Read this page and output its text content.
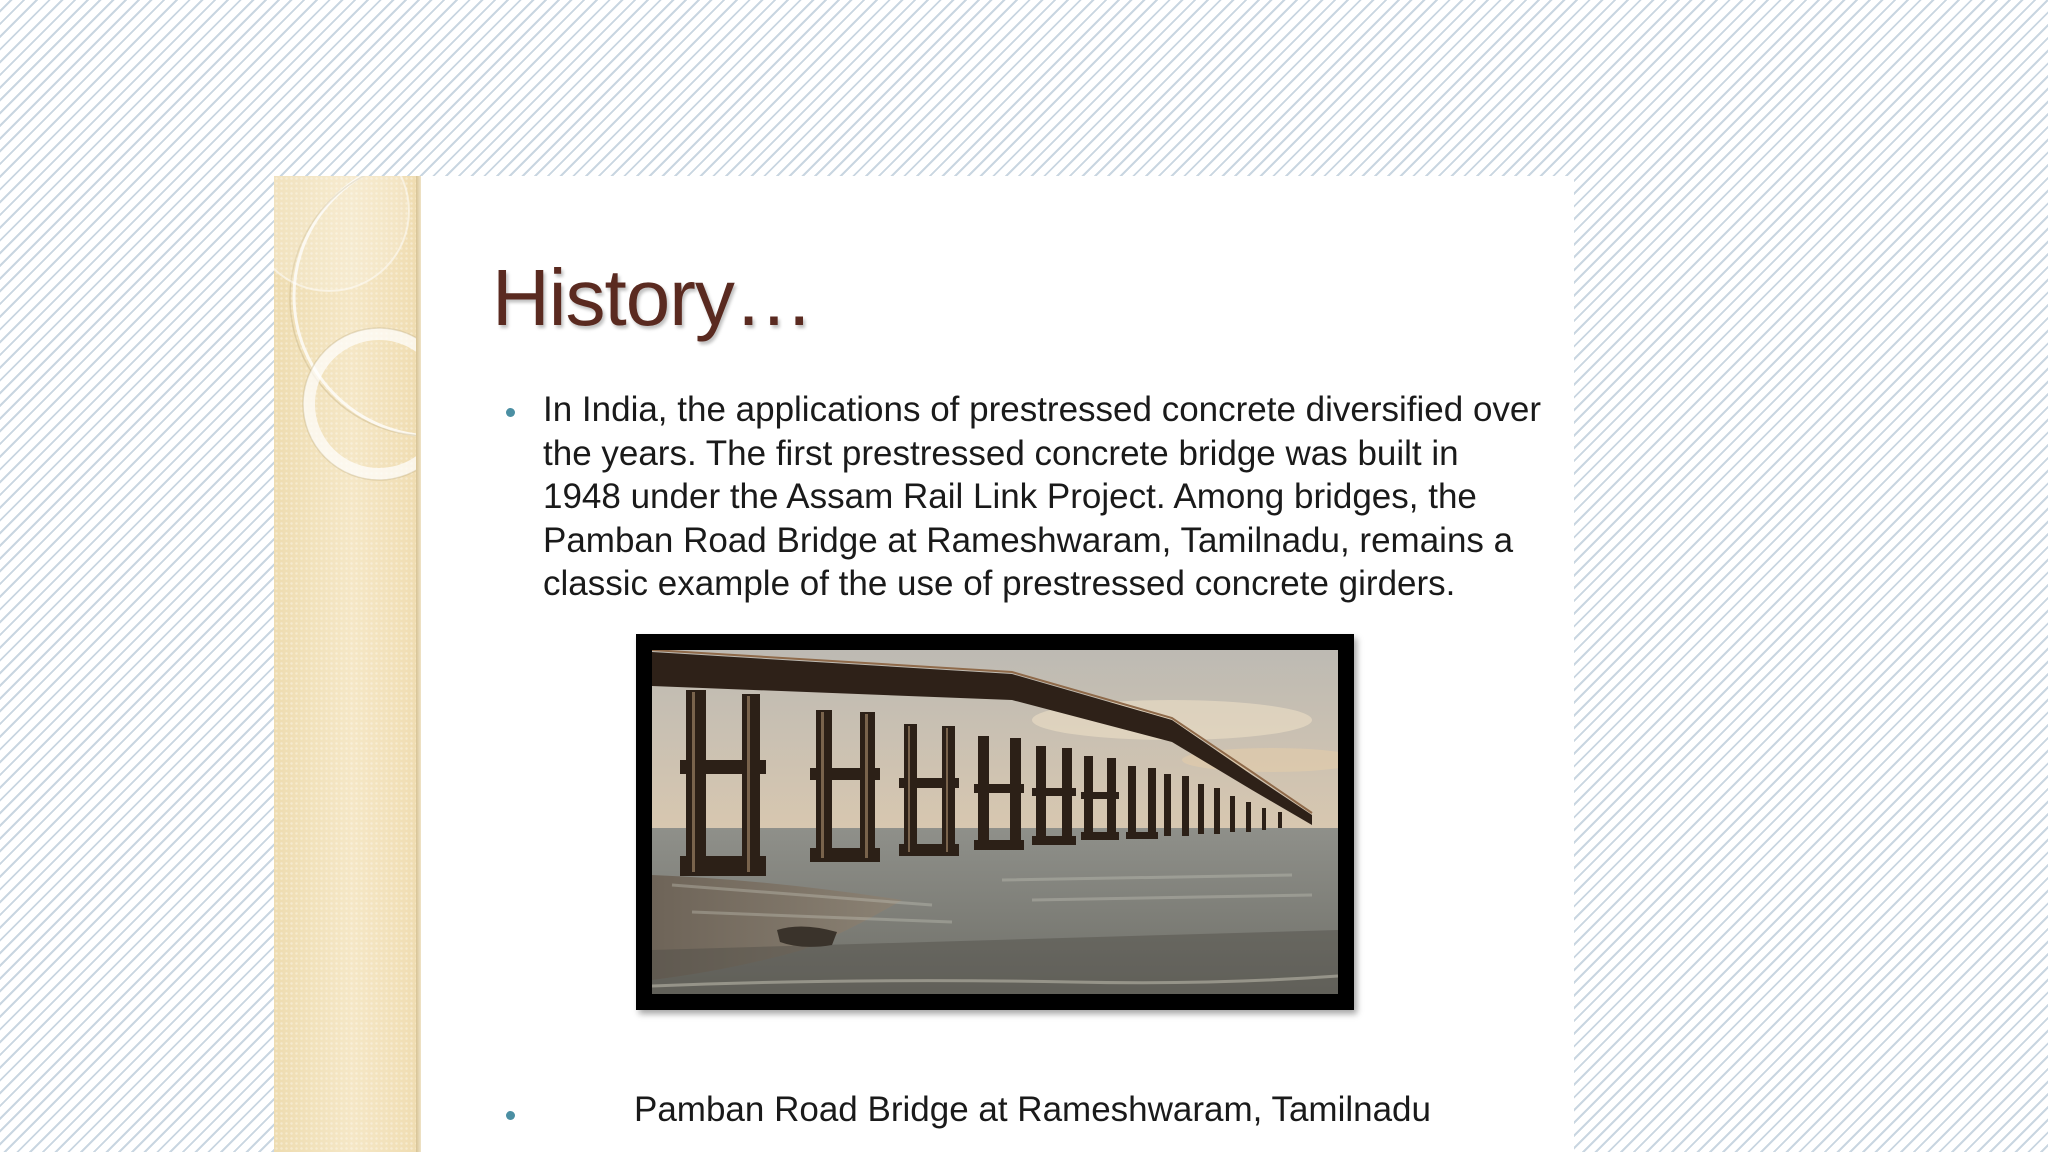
History…

In India, the applications of prestressed concrete diversified over the years. The first prestressed concrete bridge was built in 1948 under the Assam Rail Link Project. Among bridges, the Pamban Road Bridge at Rameshwaram, Tamilnadu, remains a classic example of the use of prestressed concrete girders.

Pamban Road Bridge at Rameshwaram, Tamilnadu
